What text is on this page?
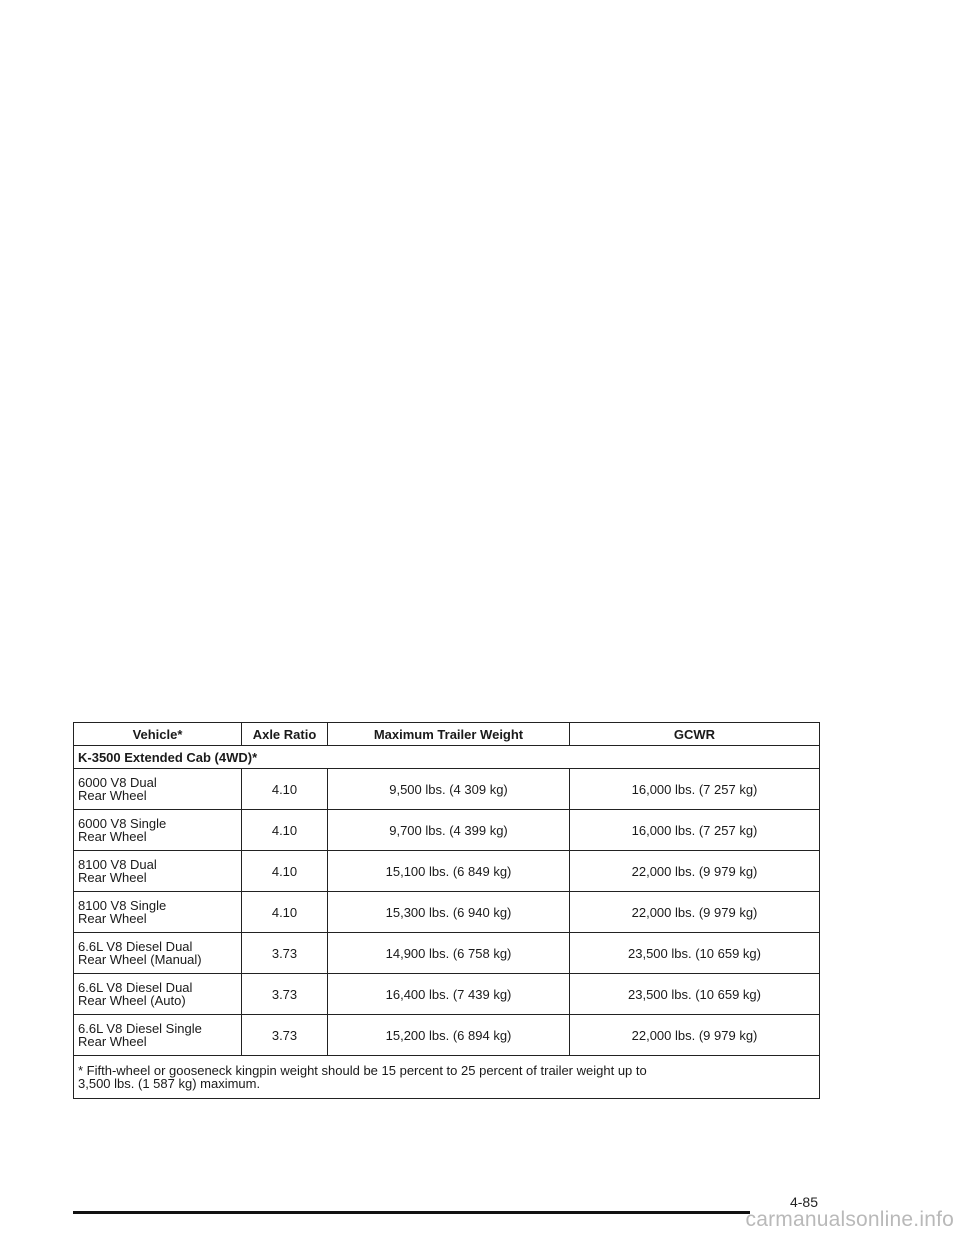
Vehicle*	Axle Ratio	Maximum Trailer Weight	GCWR
K-3500 Extended Cab (4WD)*			

6000 V8 Dual
Rear Wheel	4.10	9,500 lbs. (4 309 kg)	16,000 lbs. (7 257 kg)

6000 V8 Single
Rear Wheel	4.10	9,700 lbs. (4 399 kg)	16,000 lbs. (7 257 kg)

8100 V8 Dual
Rear Wheel	4.10	15,100 lbs. (6 849 kg)	22,000 lbs. (9 979 kg)

8100 V8 Single
Rear Wheel	4.10	15,300 lbs. (6 940 kg)	22,000 lbs. (9 979 kg)

6.6L V8 Diesel Dual
Rear Wheel (Manual)	3.73	14,900 lbs. (6 758 kg)	23,500 lbs. (10 659 kg)

6.6L V8 Diesel Dual
Rear Wheel (Auto)	3.73	16,400 lbs. (7 439 kg)	23,500 lbs. (10 659 kg)

6.6L V8 Diesel Single
Rear Wheel	3.73	15,200 lbs. (6 894 kg)	22,000 lbs. (9 979 kg)

* Fifth-wheel or gooseneck kingpin weight should be 15 percent to 25 percent of trailer weight up to
3,500 lbs. (1 587 kg) maximum.			
4-85
carmanualsonline.info
